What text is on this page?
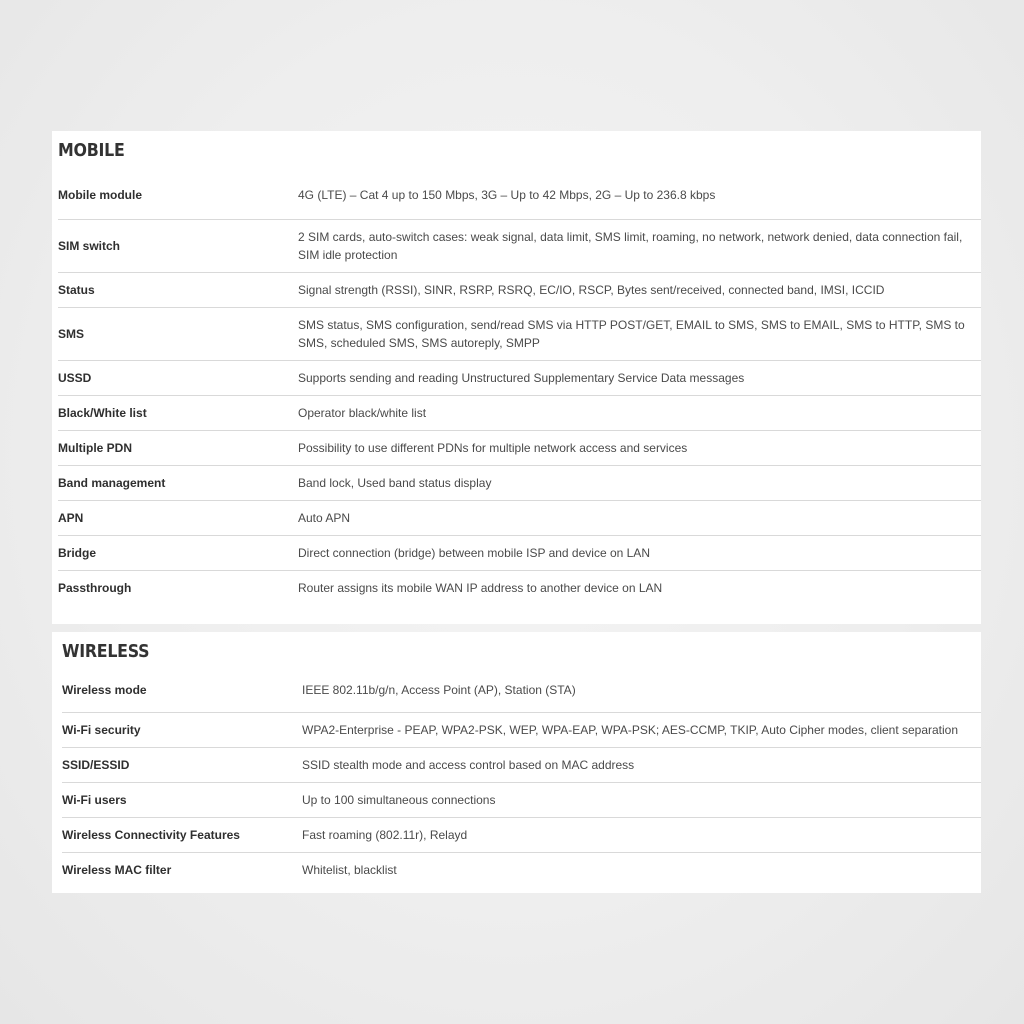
MOBILE
Mobile module	4G (LTE) – Cat 4 up to 150 Mbps, 3G – Up to 42 Mbps, 2G – Up to 236.8 kbps
SIM switch	2 SIM cards, auto-switch cases: weak signal, data limit, SMS limit, roaming, no network, network denied, data connection fail, SIM idle protection
Status	Signal strength (RSSI), SINR, RSRP, RSRQ, EC/IO, RSCP, Bytes sent/received, connected band, IMSI, ICCID
SMS	SMS status, SMS configuration, send/read SMS via HTTP POST/GET, EMAIL to SMS, SMS to EMAIL, SMS to HTTP, SMS to SMS, scheduled SMS, SMS autoreply, SMPP
USSD	Supports sending and reading Unstructured Supplementary Service Data messages
Black/White list	Operator black/white list
Multiple PDN	Possibility to use different PDNs for multiple network access and services
Band management	Band lock, Used band status display
APN	Auto APN
Bridge	Direct connection (bridge) between mobile ISP and device on LAN
Passthrough	Router assigns its mobile WAN IP address to another device on LAN
WIRELESS
Wireless mode	IEEE 802.11b/g/n, Access Point (AP), Station (STA)
Wi-Fi security	WPA2-Enterprise - PEAP, WPA2-PSK, WEP, WPA-EAP, WPA-PSK; AES-CCMP, TKIP, Auto Cipher modes, client separation
SSID/ESSID	SSID stealth mode and access control based on MAC address
Wi-Fi users	Up to 100 simultaneous connections
Wireless Connectivity Features	Fast roaming (802.11r), Relayd
Wireless MAC filter	Whitelist, blacklist
